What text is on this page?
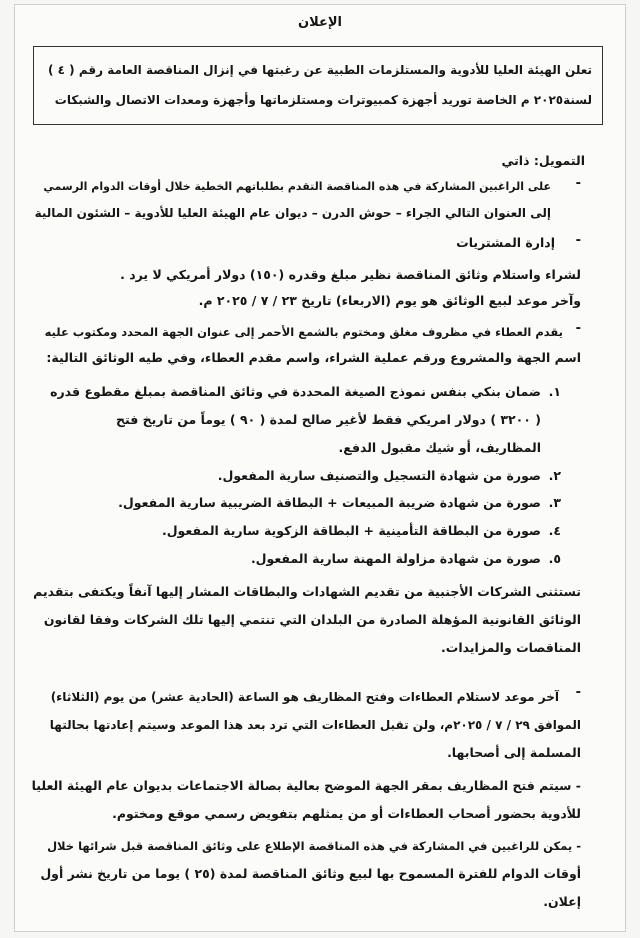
الإعلان
تعلن الهيئة العليا للأدوية والمستلزمات الطبية عن رغبتها في إنزال المناقصة العامة رقم ( ٤ )
لسنة٢٠٢٥ م الخاصة توريد أجهزة كمبيوترات ومستلزماتها وأجهزة ومعدات الاتصال والشبكات
التمويل: ذاتي
-
على الراغبين المشاركة في هذه المناقصة التقدم بطلباتهم الخطية خلال أوقات الدوام الرسمي
إلى العنوان التالي الجراء – حوش الدرن – ديوان عام الهيئة العليا للأدوية – الشئون المالية
-
إدارة المشتريات
لشراء واستلام وثائق المناقصة نظير مبلغ وقدره (١٥٠) دولار أمريكي لا يرد .
وآخر موعد لبيع الوثائق هو يوم (الاربعاء) تاريخ ٢٣ / ٧ / ٢٠٢٥ م.
-
يقدم العطاء في مظروف مغلق ومختوم بالشمع الأحمر إلى عنوان الجهة المحدد ومكتوب عليه
اسم الجهة والمشروع ورقم عملية الشراء، واسم مقدم العطاء، وفي طيه الوثائق التالية:
١.
ضمان بنكي بنفس نموذج الصيغة المحددة في وثائق المناقصة بمبلغ مقطوع قدره
( ٣٢٠٠ ) دولار امريكي فقط لأغير صالح لمدة ( ٩٠ ) يوماً من تاريخ فتح
المظاريف، أو شيك مقبول الدفع.
٢.
صورة من شهادة التسجيل والتصنيف سارية المفعول.
٣.
صورة من شهادة ضريبة المبيعات + البطاقة الضريبية سارية المفعول.
٤.
صورة من البطاقة التأمينية + البطاقة الزكوية سارية المفعول.
٥.
صورة من شهادة مزاولة المهنة سارية المفعول.
تستثنى الشركات الأجنبية من تقديم الشهادات والبطاقات المشار إليها آنفاً ويكتفى بتقديم
الوثائق القانونية المؤهلة الصادرة من البلدان التي تنتمي إليها تلك الشركات وفقا لقانون
المناقصات والمزايدات.
-
آخر موعد لاستلام العطاءات وفتح المظاريف هو الساعة (الحادية عشر) من يوم (الثلاثاء)
الموافق ٢٩ / ٧ / ٢٠٢٥م، ولن تقبل العطاءات التي ترد بعد هذا الموعد وسيتم إعادتها بحالتها
المسلمة إلى أصحابها.
- سيتم فتح المظاريف بمقر الجهة الموضح بعالية بصالة الاجتماعات بديوان عام الهيئة العليا
للأدوية بحضور أصحاب العطاءات أو من يمثلهم بتفويض رسمي موقع ومختوم.
- يمكن للراغبين في المشاركة في هذه المناقصة الإطلاع على وثائق المناقصة قبل شرائها خلال
أوقات الدوام للفترة المسموح بها لبيع وثائق المناقصة لمدة (٢٥ ) يوما من تاريخ نشر أول
إعلان.
